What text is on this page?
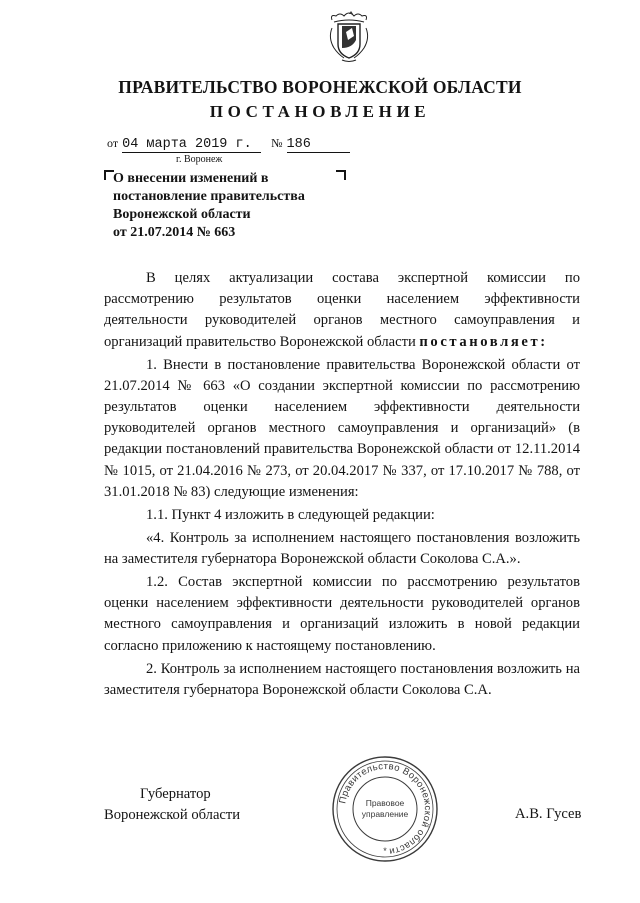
ПРАВИТЕЛЬСТВО ВОРОНЕЖСКОЙ ОБЛАСТИ
ПОСТАНОВЛЕНИЕ
от 04 марта 2019 г. № 186
г. Воронеж
О внесении изменений в
постановление правительства
Воронежской области
от 21.07.2014 № 663

В целях актуализации состава экспертной комиссии по рассмотрению результатов оценки населением эффективности деятельности руководителей органов местного самоуправления и организаций правительство Воронежской области постановляет:

1. Внести в постановление правительства Воронежской области от 21.07.2014 № 663 «О создании экспертной комиссии по рассмотрению результатов оценки населением эффективности деятельности руководителей органов местного самоуправления и организаций» (в редакции постановлений правительства Воронежской области от 12.11.2014 № 1015, от 21.04.2016 № 273, от 20.04.2017 № 337, от 17.10.2017 № 788, от 31.01.2018 № 83) следующие изменения:

1.1. Пункт 4 изложить в следующей редакции:

«4. Контроль за исполнением настоящего постановления возложить на заместителя губернатора Воронежской области Соколова С.А.».

1.2. Состав экспертной комиссии по рассмотрению результатов оценки населением эффективности деятельности руководителей органов местного самоуправления и организаций изложить в новой редакции согласно приложению к настоящему постановлению.

2. Контроль за исполнением настоящего постановления возложить на заместителя губернатора Воронежской области Соколова С.А.

Губернатор
Воронежской области
Правительство Воронежской области
Правовое
управление
*
А.В. Гусев
